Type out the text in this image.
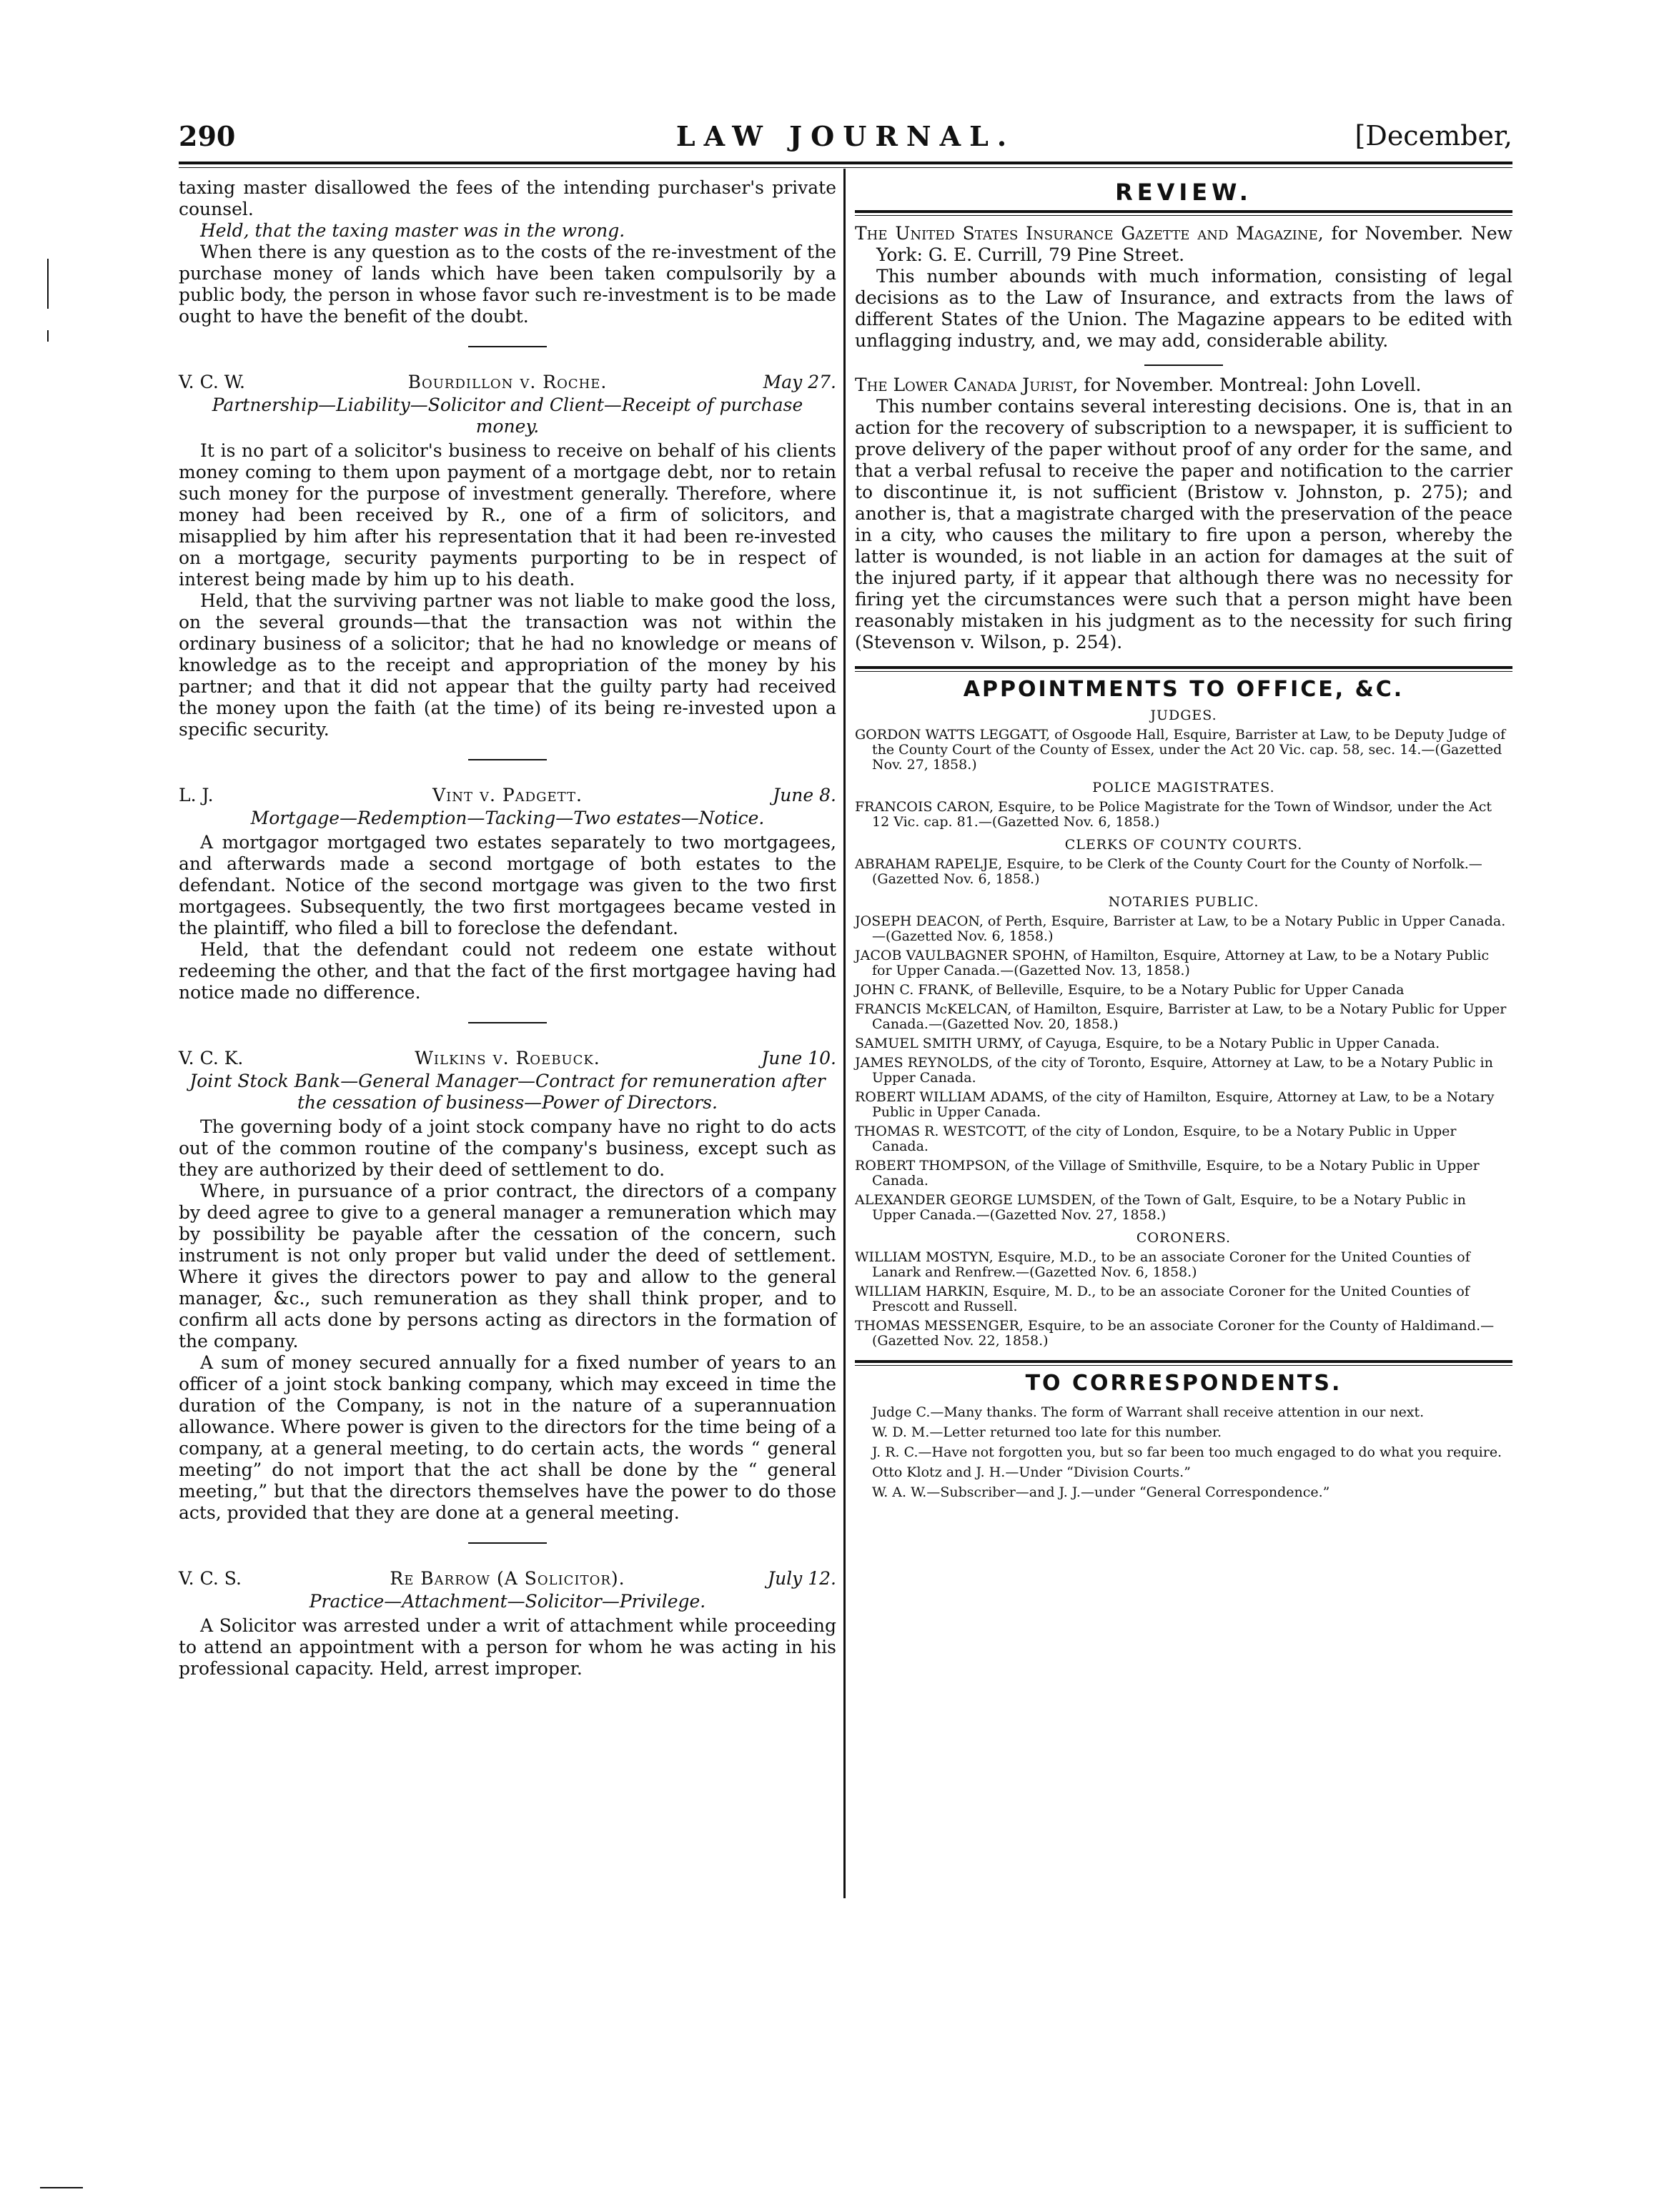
290	LAW JOURNAL.	[December,

taxing master disallowed the fees of the intending purchaser's private counsel.

Held, that the taxing master was in the wrong.

When there is any question as to the costs of the re-investment of the purchase money of lands which have been taken compulsorily by a public body, the person in whose favor such re-investment is to be made ought to have the benefit of the doubt.

V. C. W.	Bourdillon v. Roche.	May 27.

Partnership—Liability—Solicitor and Client—Receipt of purchase money.

It is no part of a solicitor's business to receive on behalf of his clients money coming to them upon payment of a mortgage debt, nor to retain such money for the purpose of investment generally. Therefore, where money had been received by R., one of a firm of solicitors, and misapplied by him after his representation that it had been re-invested on a mortgage, security payments purporting to be in respect of interest being made by him up to his death.

Held, that the surviving partner was not liable to make good the loss, on the several grounds—that the transaction was not within the ordinary business of a solicitor; that he had no knowledge or means of knowledge as to the receipt and appropriation of the money by his partner; and that it did not appear that the guilty party had received the money upon the faith (at the time) of its being re-invested upon a specific security.

L. J.	Vint v. Padgett.	June 8.

Mortgage—Redemption—Tacking—Two estates—Notice.

A mortgagor mortgaged two estates separately to two mortgagees, and afterwards made a second mortgage of both estates to the defendant. Notice of the second mortgage was given to the two first mortgagees. Subsequently, the two first mortgagees became vested in the plaintiff, who filed a bill to foreclose the defendant.

Held, that the defendant could not redeem one estate without redeeming the other, and that the fact of the first mortgagee having had notice made no difference.

V. C. K.	Wilkins v. Roebuck.	June 10.

Joint Stock Bank—General Manager—Contract for remuneration after the cessation of business—Power of Directors.

The governing body of a joint stock company have no right to do acts out of the common routine of the company's business, except such as they are authorized by their deed of settlement to do.

Where, in pursuance of a prior contract, the directors of a company by deed agree to give to a general manager a remuneration which may by possibility be payable after the cessation of the concern, such instrument is not only proper but valid under the deed of settlement. Where it gives the directors power to pay and allow to the general manager, &c., such remuneration as they shall think proper, and to confirm all acts done by persons acting as directors in the formation of the company.

A sum of money secured annually for a fixed number of years to an officer of a joint stock banking company, which may exceed in time the duration of the Company, is not in the nature of a superannuation allowance. Where power is given to the directors for the time being of a company, at a general meeting, to do certain acts, the words “ general meeting” do not import that the act shall be done by the “ general meeting,” but that the directors themselves have the power to do those acts, provided that they are done at a general meeting.

V. C. S.	Re Barrow (A Solicitor).	July 12.

Practice—Attachment—Solicitor—Privilege.

A Solicitor was arrested under a writ of attachment while proceeding to attend an appointment with a person for whom he was acting in his professional capacity. Held, arrest improper.

REVIEW.

The United States Insurance Gazette and Magazine, for November. New York: G. E. Currill, 79 Pine Street.

This number abounds with much information, consisting of legal decisions as to the Law of Insurance, and extracts from the laws of different States of the Union. The Magazine appears to be edited with unflagging industry, and, we may add, considerable ability.

The Lower Canada Jurist, for November. Montreal: John Lovell.

This number contains several interesting decisions. One is, that in an action for the recovery of subscription to a newspaper, it is sufficient to prove delivery of the paper without proof of any order for the same, and that a verbal refusal to receive the paper and notification to the carrier to discontinue it, is not sufficient (Bristow v. Johnston, p. 275); and another is, that a magistrate charged with the preservation of the peace in a city, who causes the military to fire upon a person, whereby the latter is wounded, is not liable in an action for damages at the suit of the injured party, if it appear that although there was no necessity for firing yet the circumstances were such that a person might have been reasonably mistaken in his judgment as to the necessity for such firing (Stevenson v. Wilson, p. 254).

APPOINTMENTS TO OFFICE, &C.
JUDGES.

GORDON WATTS LEGGATT, of Osgoode Hall, Esquire, Barrister at Law, to be Deputy Judge of the County Court of the County of Essex, under the Act 20 Vic. cap. 58, sec. 14.—(Gazetted Nov. 27, 1858.)

POLICE MAGISTRATES.

FRANCOIS CARON, Esquire, to be Police Magistrate for the Town of Windsor, under the Act 12 Vic. cap. 81.—(Gazetted Nov. 6, 1858.)

CLERKS OF COUNTY COURTS.

ABRAHAM RAPELJE, Esquire, to be Clerk of the County Court for the County of Norfolk.—(Gazetted Nov. 6, 1858.)

NOTARIES PUBLIC.

JOSEPH DEACON, of Perth, Esquire, Barrister at Law, to be a Notary Public in Upper Canada.—(Gazetted Nov. 6, 1858.)

JACOB VAULBAGNER SPOHN, of Hamilton, Esquire, Attorney at Law, to be a Notary Public for Upper Canada.—(Gazetted Nov. 13, 1858.)

JOHN C. FRANK, of Belleville, Esquire, to be a Notary Public for Upper Canada

FRANCIS McKELCAN, of Hamilton, Esquire, Barrister at Law, to be a Notary Public for Upper Canada.—(Gazetted Nov. 20, 1858.)

SAMUEL SMITH URMY, of Cayuga, Esquire, to be a Notary Public in Upper Canada.

JAMES REYNOLDS, of the city of Toronto, Esquire, Attorney at Law, to be a Notary Public in Upper Canada.

ROBERT WILLIAM ADAMS, of the city of Hamilton, Esquire, Attorney at Law, to be a Notary Public in Upper Canada.

THOMAS R. WESTCOTT, of the city of London, Esquire, to be a Notary Public in Upper Canada.

ROBERT THOMPSON, of the Village of Smithville, Esquire, to be a Notary Public in Upper Canada.

ALEXANDER GEORGE LUMSDEN, of the Town of Galt, Esquire, to be a Notary Public in Upper Canada.—(Gazetted Nov. 27, 1858.)

CORONERS.

WILLIAM MOSTYN, Esquire, M.D., to be an associate Coroner for the United Counties of Lanark and Renfrew.—(Gazetted Nov. 6, 1858.)

WILLIAM HARKIN, Esquire, M. D., to be an associate Coroner for the United Counties of Prescott and Russell.

THOMAS MESSENGER, Esquire, to be an associate Coroner for the County of Haldimand.—(Gazetted Nov. 22, 1858.)

TO CORRESPONDENTS.

Judge C.—Many thanks. The form of Warrant shall receive attention in our next.

W. D. M.—Letter returned too late for this number.

J. R. C.—Have not forgotten you, but so far been too much engaged to do what you require.

Otto Klotz and J. H.—Under “Division Courts.”

W. A. W.—Subscriber—and J. J.—under “General Correspondence.”
